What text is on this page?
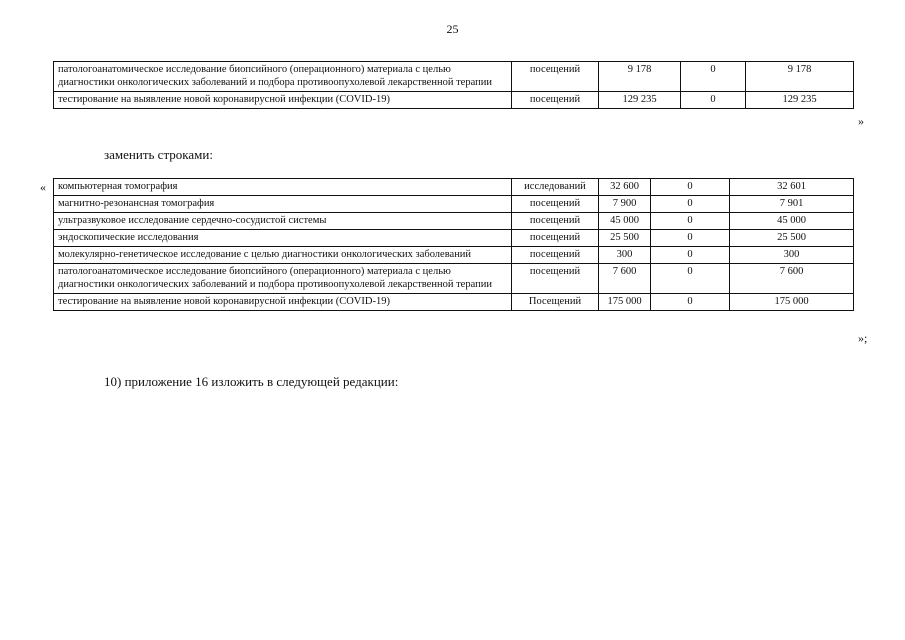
25
патологоанатомическое исследование биопсийного (операционного) материала с целью диагностики онкологических заболеваний и подбора противоопухолевой лекарственной терапии	посещений	9 178	0	9 178
тестирование на выявление новой коронавирусной инфекции (COVID-19)	посещений	129 235	0	129 235
»
заменить строками:
« компьютерная томография	исследований	32 600	0	32 601
магнитно-резонансная томография	посещений	7 900	0	7 901
ультразвуковое исследование сердечно-сосудистой системы	посещений	45 000	0	45 000
эндоскопические исследования	посещений	25 500	0	25 500
молекулярно-генетическое исследование с целью диагностики онкологических заболеваний	посещений	300	0	300
патологоанатомическое исследование биопсийного (операционного) материала с целью диагностики онкологических заболеваний и подбора противоопухолевой лекарственной терапии	посещений	7 600	0	7 600
тестирование на выявление новой коронавирусной инфекции (COVID-19)	Посещений	175 000	0	175 000
»;
10) приложение 16 изложить в следующей редакции:
